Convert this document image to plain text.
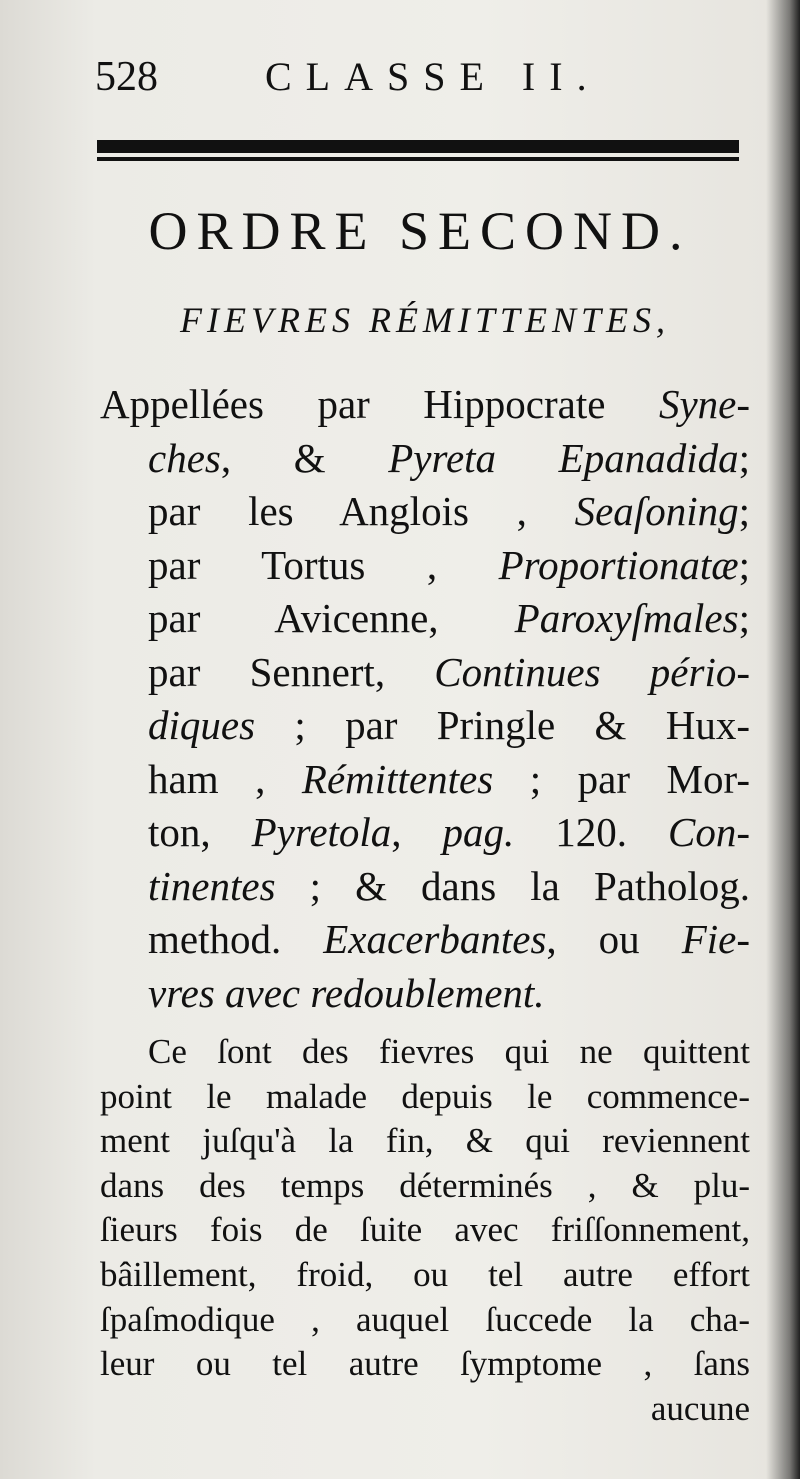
528	CLASSE II.
ORDRE SECOND.
FIEVRES RÉMITTENTES,
Appellées par Hippocrate Syne-
ches, & Pyreta Epanadida;
par les Anglois , Seaſoning;
par Tortus , Proportionatæ;
par Avicenne, Paroxyſmales;
par Sennert, Continues pério-
diques ; par Pringle & Hux-
ham , Rémittentes ; par Mor-
ton, Pyretola, pag. 120. Con-
tinentes ; & dans la Patholog.
method. Exacerbantes, ou Fie-
vres avec redoublement.
Ce ſont des fievres qui ne quittent
point le malade depuis le commence-
ment juſqu'à la fin, & qui reviennent
dans des temps déterminés , & plu-
ſieurs fois de ſuite avec friſſonnement,
bâillement, froid, ou tel autre effort
ſpaſmodique , auquel ſuccede la cha-
leur ou tel autre ſymptome , ſans
aucune
